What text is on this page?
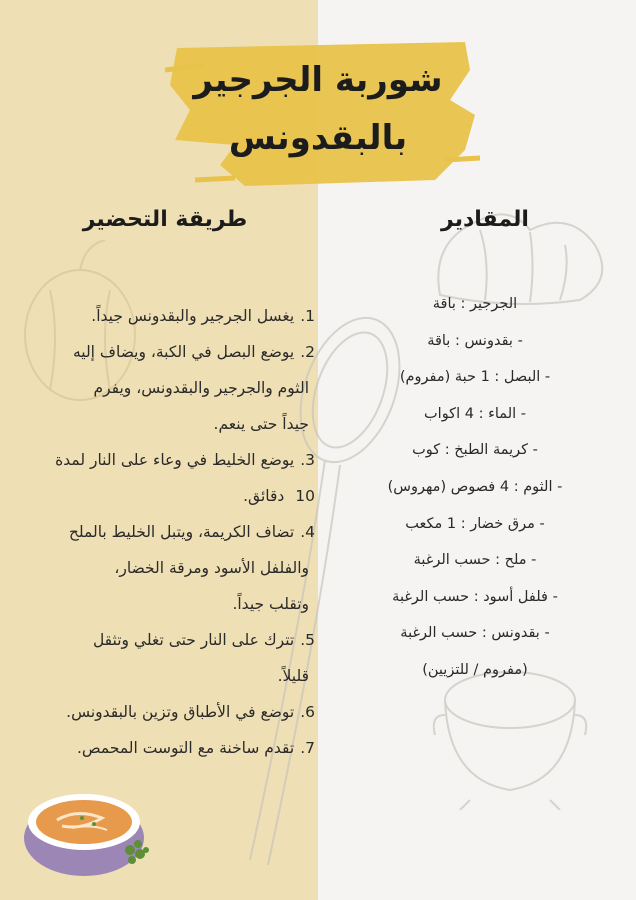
شوربة الجرجير
بالبقدونس
طريقة التحضير	المقادير
1.يغسل الجرجير والبقدونس جيداً.
2.يوضع البصل في الكبة، ويضاف إليه
الثوم والجرجير والبقدونس، ويفرم
جيداً حتى ينعم.
3.يوضع الخليط في وعاء على النار لمدة
10 دقائق.
4.تضاف الكريمة، ويتبل الخليط بالملح
والفلفل الأسود ومرقة الخضار،
وتقلب جيداً.
5.تترك على النار حتى تغلي وتثقل
قليلاً.
6.توضع في الأطباق وتزين بالبقدونس.
7.تقدم ساخنة مع التوست المحمص.
الجرجير : باقة
- بقدونس : باقة
- البصل : 1 حبة (مفروم)
- الماء : 4 اكواب
- كريمة الطبخ : كوب
- الثوم : 4 فصوص (مهروس)
- مرق خضار : 1 مكعب
- ملح : حسب الرغبة
- فلفل أسود : حسب الرغبة
- بقدونس : حسب الرغبة
(مفروم / للتزيين)
